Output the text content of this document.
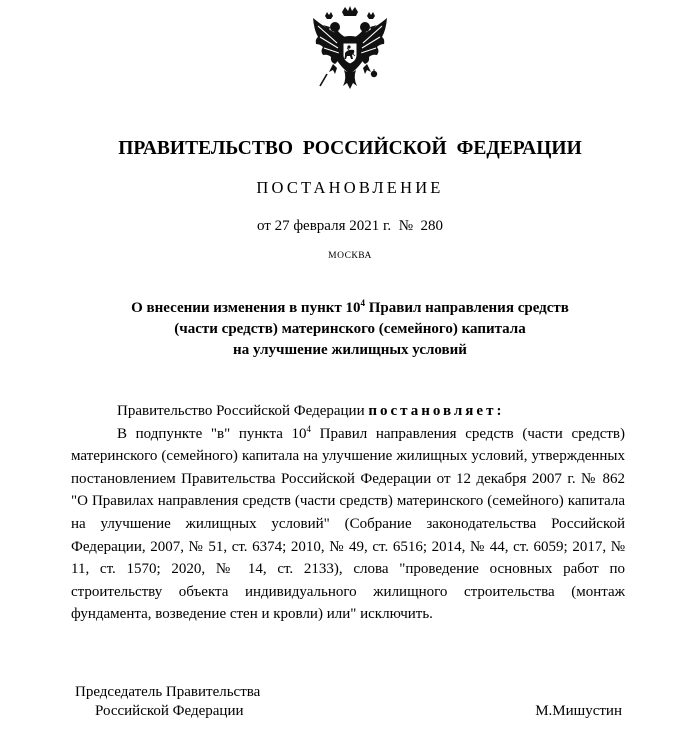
ПРАВИТЕЛЬСТВО РОССИЙСКОЙ ФЕДЕРАЦИИ
ПОСТАНОВЛЕНИЕ
от 27 февраля 2021 г. № 280
МОСКВА
О внесении изменения в пункт $10^4$ Правил направления средств
(части средств) материнского (семейного) капитала
на улучшение жилищных условий

Правительство Российской Федерации постановляет:

В подпункте "в" пункта $10^4$ Правил направления средств (части средств) материнского (семейного) капитала на улучшение жилищных условий, утвержденных постановлением Правительства Российской Федерации от 12 декабря 2007 г. № 862 "О Правилах направления средств (части средств) материнского (семейного) капитала на улучшение жилищных условий" (Собрание законодательства Российской Федерации, 2007, № 51, ст. 6374; 2010, № 49, ст. 6516; 2014, № 44, ст. 6059; 2017, № 11, ст. 1570; 2020, № 14, ст. 2133), слова "проведение основных работ по строительству объекта индивидуального жилищного строительства (монтаж фундамента, возведение стен и кровли) или" исключить.

Председатель Правительства
Российской Федерации	М.Мишустин
